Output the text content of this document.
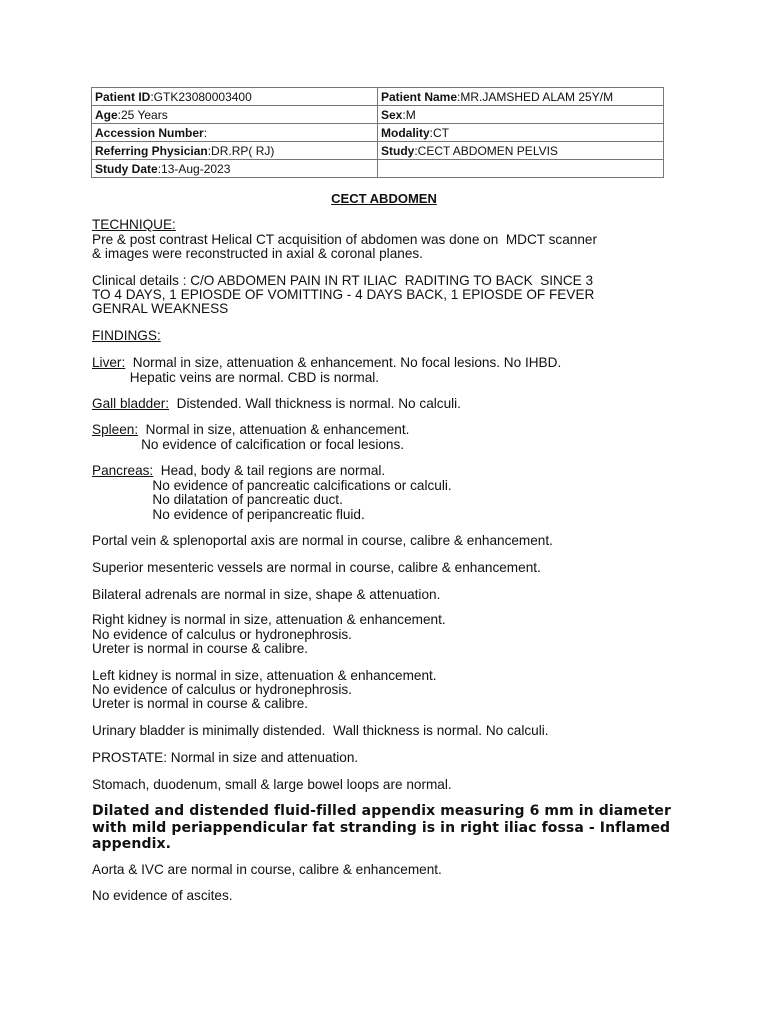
Patient ID:GTK23080003400	Patient Name:MR.JAMSHED ALAM 25Y/M
Age:25 Years	Sex:M
Accession Number:	Modality:CT
Referring Physician:DR.RP( RJ)	Study:CECT ABDOMEN PELVIS
Study Date:13-Aug-2023	
CECT ABDOMEN
TECHNIQUE:
Pre & post contrast Helical CT acquisition of abdomen was done on  MDCT scanner
& images were reconstructed in axial & coronal planes.
Clinical details : C/O ABDOMEN PAIN IN RT ILIAC  RADITING TO BACK  SINCE 3
TO 4 DAYS, 1 EPIOSDE OF VOMITTING - 4 DAYS BACK, 1 EPIOSDE OF FEVER
GENRAL WEAKNESS
FINDINGS:
Liver:  Normal in size, attenuation & enhancement. No focal lesions. No IHBD.
Hepatic veins are normal. CBD is normal.
Gall bladder:  Distended. Wall thickness is normal. No calculi.
Spleen:  Normal in size, attenuation & enhancement.
No evidence of calcification or focal lesions.
Pancreas:  Head, body & tail regions are normal.
No evidence of pancreatic calcifications or calculi.
No dilatation of pancreatic duct.
No evidence of peripancreatic fluid.
Portal vein & splenoportal axis are normal in course, calibre & enhancement.
Superior mesenteric vessels are normal in course, calibre & enhancement.
Bilateral adrenals are normal in size, shape & attenuation.
Right kidney is normal in size, attenuation & enhancement.
No evidence of calculus or hydronephrosis.
Ureter is normal in course & calibre.
Left kidney is normal in size, attenuation & enhancement.
No evidence of calculus or hydronephrosis.
Ureter is normal in course & calibre.
Urinary bladder is minimally distended.  Wall thickness is normal. No calculi.
PROSTATE: Normal in size and attenuation.
Stomach, duodenum, small & large bowel loops are normal.
Dilated and distended fluid-filled appendix measuring 6 mm in diameter
with mild periappendicular fat stranding is in right iliac fossa - Inflamed
appendix.
Aorta & IVC are normal in course, calibre & enhancement.
No evidence of ascites.
